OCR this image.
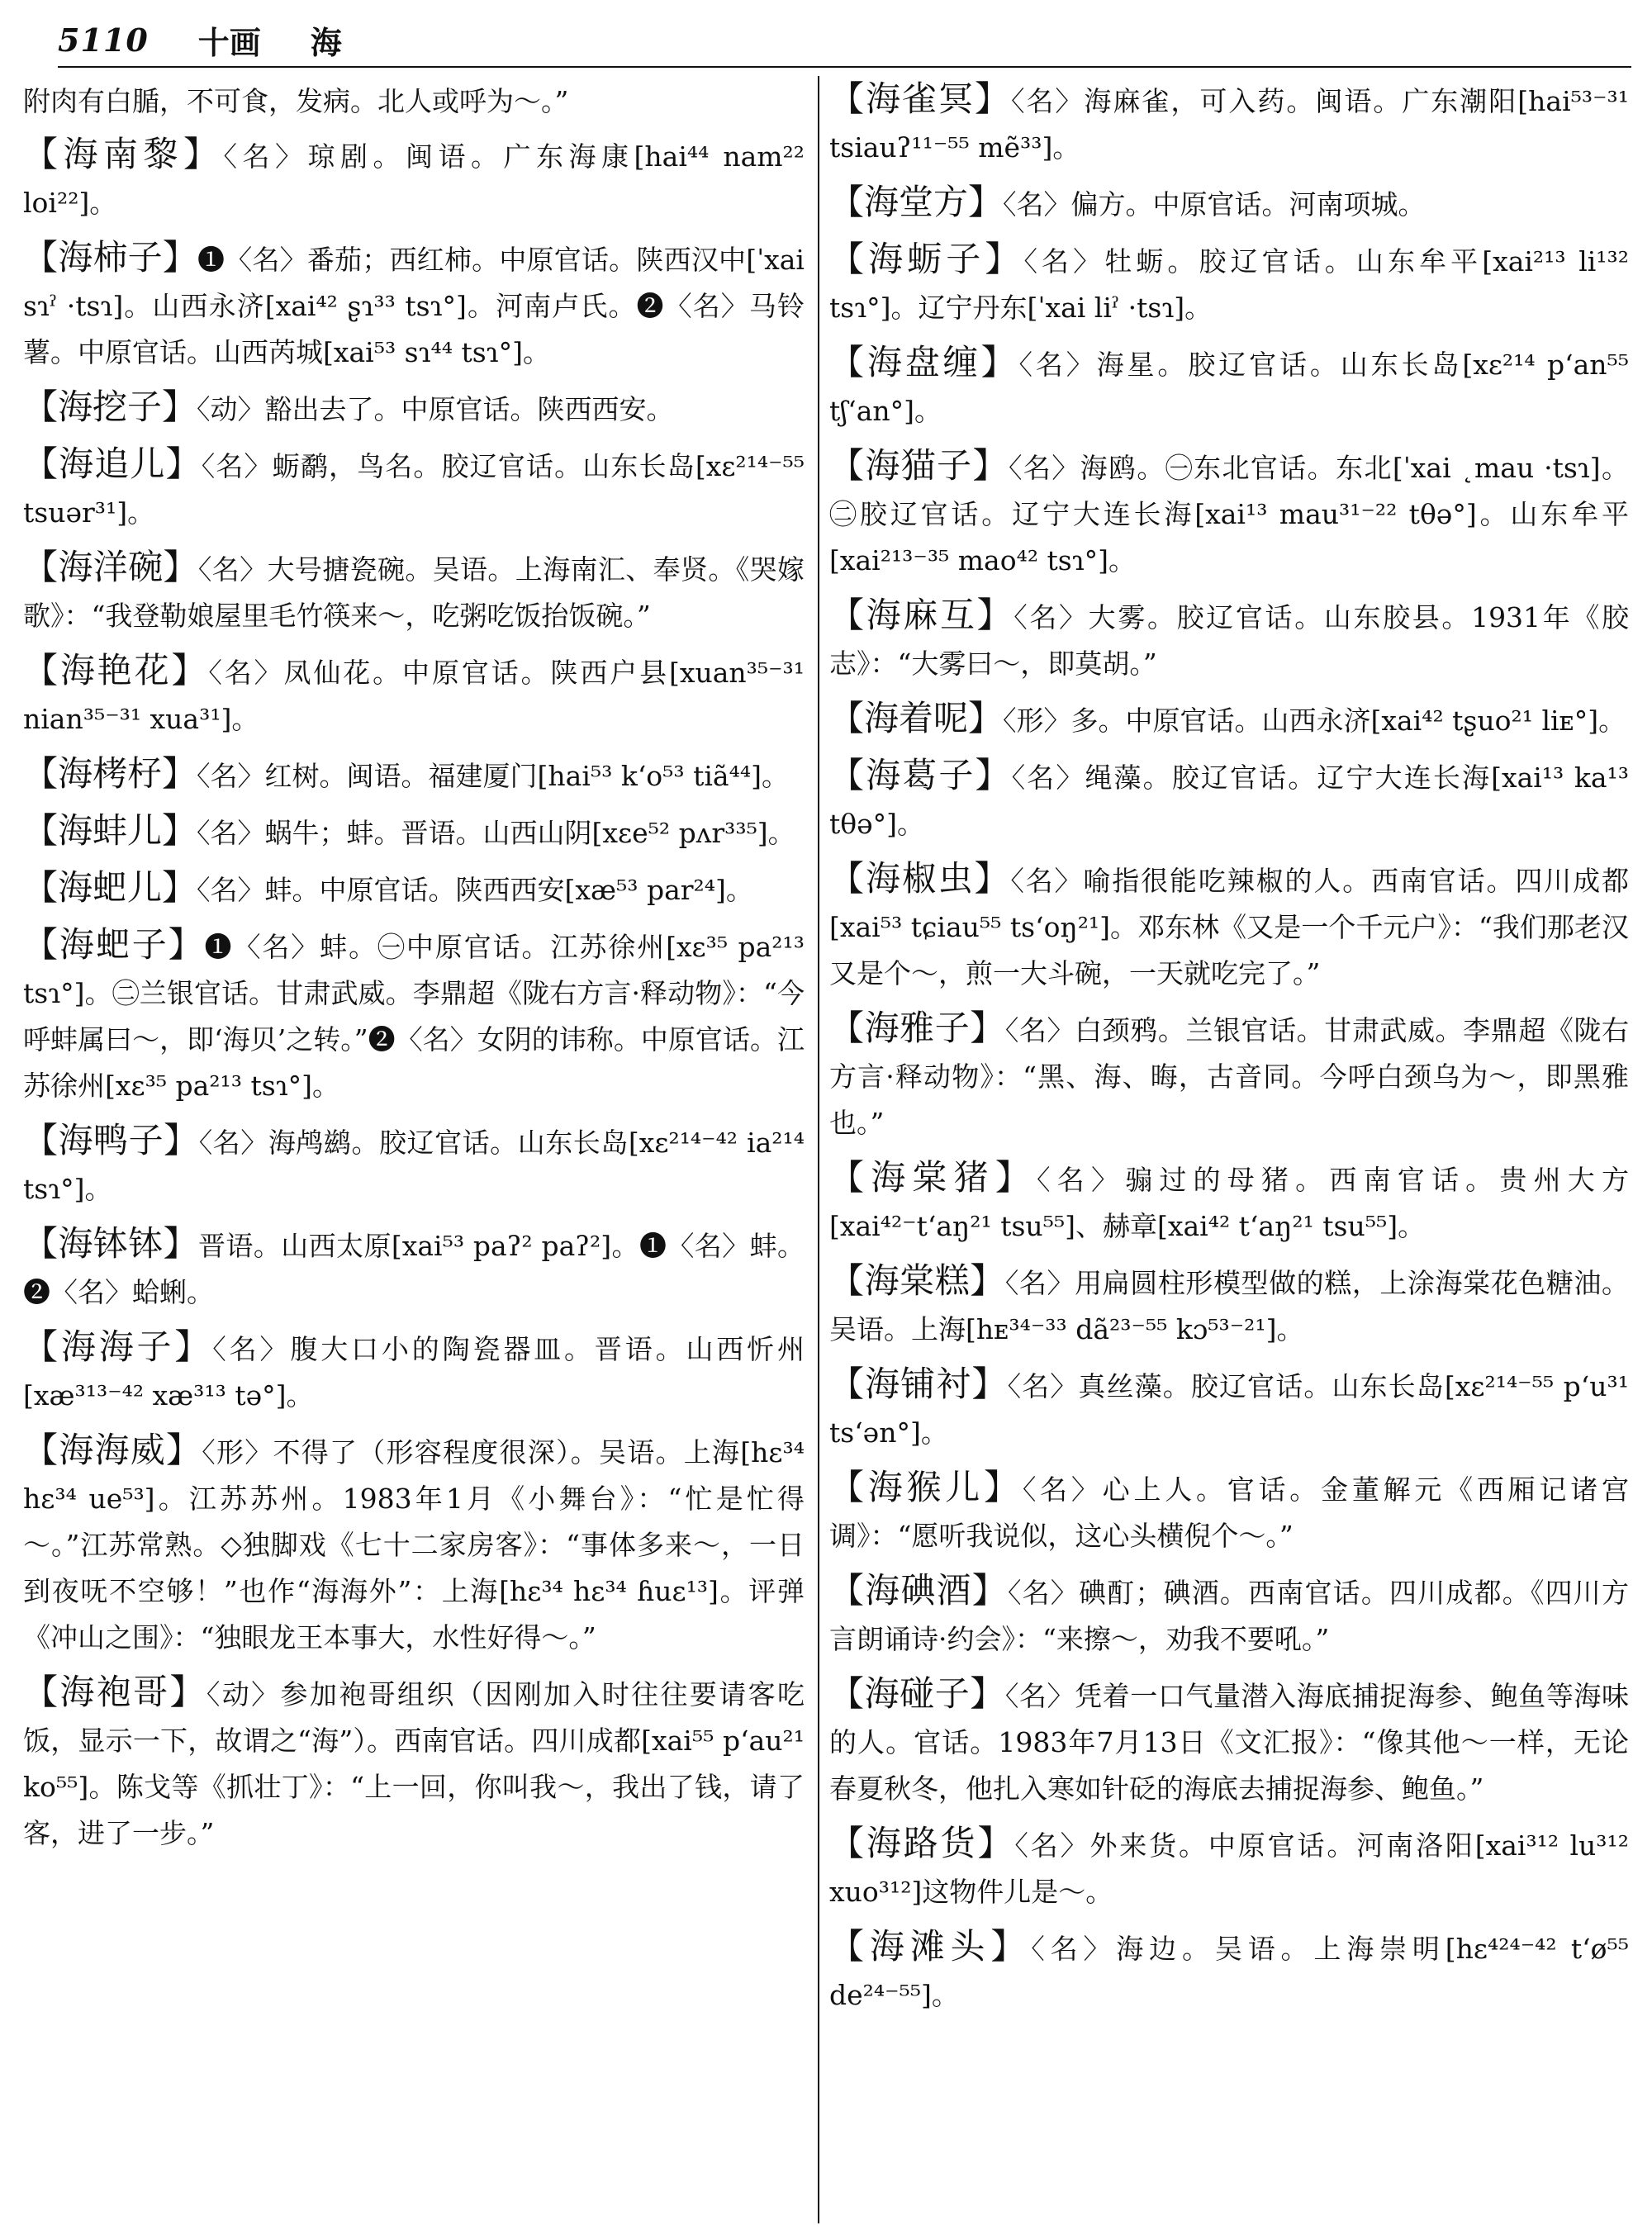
5110 十画 海

附肉有白腯，不可食，发病。北人或呼为～。”

【海南黎】〈名〉琼剧。闽语。广东海康[hai⁴⁴ nam²² loi²²]。

【海柿子】❶〈名〉番茄；西红柿。中原官话。陕西汉中[ˈxai sɿˀ ·tsɿ]。山西永济[xai⁴² ʂɿ³³ tsɿ°]。河南卢氏。❷〈名〉马铃薯。中原官话。山西芮城[xai⁵³ sɿ⁴⁴ tsɿ°]。

【海挖子】〈动〉豁出去了。中原官话。陕西西安。

【海追儿】〈名〉蛎鹬，鸟名。胶辽官话。山东长岛[xɛ²¹⁴⁻⁵⁵ tsuər³¹]。

【海洋碗】〈名〉大号搪瓷碗。吴语。上海南汇、奉贤。《哭嫁歌》：“我登勒娘屋里毛竹筷来～，吃粥吃饭抬饭碗。”

【海艳花】〈名〉凤仙花。中原官话。陕西户县[xuan³⁵⁻³¹ nian³⁵⁻³¹ xua³¹]。

【海栲杍】〈名〉红树。闽语。福建厦门[hai⁵³ kʻo⁵³ tiã⁴⁴]。

【海蚌儿】〈名〉蜗牛；蚌。晋语。山西山阴[xɛe⁵² pʌr³³⁵]。

【海蚆儿】〈名〉蚌。中原官话。陕西西安[xæ⁵³ par²⁴]。

【海蚆子】❶〈名〉蚌。㊀中原官话。江苏徐州[xɛ³⁵ pa²¹³ tsɿ°]。㊁兰银官话。甘肃武威。李鼎超《陇右方言·释动物》：“今呼蚌属曰～，即‘海贝’之转。”❷〈名〉女阴的讳称。中原官话。江苏徐州[xɛ³⁵ pa²¹³ tsɿ°]。

【海鸭子】〈名〉海鸬鹚。胶辽官话。山东长岛[xɛ²¹⁴⁻⁴² ia²¹⁴ tsɿ°]。

【海钵钵】晋语。山西太原[xai⁵³ paʔ² paʔ²]。❶〈名〉蚌。❷〈名〉蛤蜊。

【海海子】〈名〉腹大口小的陶瓷器皿。晋语。山西忻州[xæ³¹³⁻⁴² xæ³¹³ tə°]。

【海海威】〈形〉不得了（形容程度很深）。吴语。上海[hɛ³⁴ hɛ³⁴ ue⁵³]。江苏苏州。1983年1月《小舞台》：“忙是忙得～。”江苏常熟。◇独脚戏《七十二家房客》：“事体多来～，一日到夜呒不空够！”也作“海海外”：上海[hɛ³⁴ hɛ³⁴ ɦuɛ¹³]。评弹《冲山之围》：“独眼龙王本事大，水性好得～。”

【海袍哥】〈动〉参加袍哥组织（因刚加入时往往要请客吃饭，显示一下，故谓之“海”）。西南官话。四川成都[xai⁵⁵ pʻau²¹ ko⁵⁵]。陈戈等《抓壮丁》：“上一回，你叫我～，我出了钱，请了客，进了一步。”

【海雀冥】〈名〉海麻雀，可入药。闽语。广东潮阳[hai⁵³⁻³¹ tsiauʔ¹¹⁻⁵⁵ mẽ³³]。

【海堂方】〈名〉偏方。中原官话。河南项城。

【海蛎子】〈名〉牡蛎。胶辽官话。山东牟平[xai²¹³ li¹³² tsɿ°]。辽宁丹东[ˈxai liˀ ·tsɿ]。

【海盘缠】〈名〉海星。胶辽官话。山东长岛[xɛ²¹⁴ pʻan⁵⁵ tʃʻan°]。

【海猫子】〈名〉海鸥。㊀东北官话。东北[ˈxai ˛mau ·tsɿ]。㊁胶辽官话。辽宁大连长海[xai¹³ mau³¹⁻²² tθə°]。山东牟平[xai²¹³⁻³⁵ mao⁴² tsɿ°]。

【海麻互】〈名〉大雾。胶辽官话。山东胶县。1931年《胶志》：“大雾曰～，即莫胡。”

【海着呢】〈形〉多。中原官话。山西永济[xai⁴² tʂuo²¹ liᴇ°]。

【海葛子】〈名〉绳藻。胶辽官话。辽宁大连长海[xai¹³ ka¹³ tθə°]。

【海椒虫】〈名〉喻指很能吃辣椒的人。西南官话。四川成都[xai⁵³ tɕiau⁵⁵ tsʻoŋ²¹]。邓东林《又是一个千元户》：“我们那老汉又是个～，煎一大斗碗，一天就吃完了。”

【海雅子】〈名〉白颈鸦。兰银官话。甘肃武威。李鼎超《陇右方言·释动物》：“黑、海、晦，古音同。今呼白颈乌为～，即黑雅也。”

【海棠猪】〈名〉骟过的母猪。西南官话。贵州大方[xai⁴²⁻tʻaŋ²¹ tsu⁵⁵]、赫章[xai⁴² tʻaŋ²¹ tsu⁵⁵]。

【海棠糕】〈名〉用扁圆柱形模型做的糕，上涂海棠花色糖油。吴语。上海[hᴇ³⁴⁻³³ dã²³⁻⁵⁵ kɔ⁵³⁻²¹]。

【海铺衬】〈名〉真丝藻。胶辽官话。山东长岛[xɛ²¹⁴⁻⁵⁵ pʻu³¹ tsʻən°]。

【海猴儿】〈名〉心上人。官话。金董解元《西厢记诸宫调》：“愿听我说似，这心头横倪个～。”

【海碘酒】〈名〉碘酊；碘酒。西南官话。四川成都。《四川方言朗诵诗·约会》：“来擦～，劝我不要吼。”

【海碰子】〈名〉凭着一口气量潜入海底捕捉海参、鲍鱼等海味的人。官话。1983年7月13日《文汇报》：“像其他～一样，无论春夏秋冬，他扎入寒如针砭的海底去捕捉海参、鲍鱼。”

【海路货】〈名〉外来货。中原官话。河南洛阳[xai³¹² lu³¹² xuo³¹²]这物件儿是～。

【海滩头】〈名〉海边。吴语。上海崇明[hɛ⁴²⁴⁻⁴² tʻø⁵⁵ de²⁴⁻⁵⁵]。
